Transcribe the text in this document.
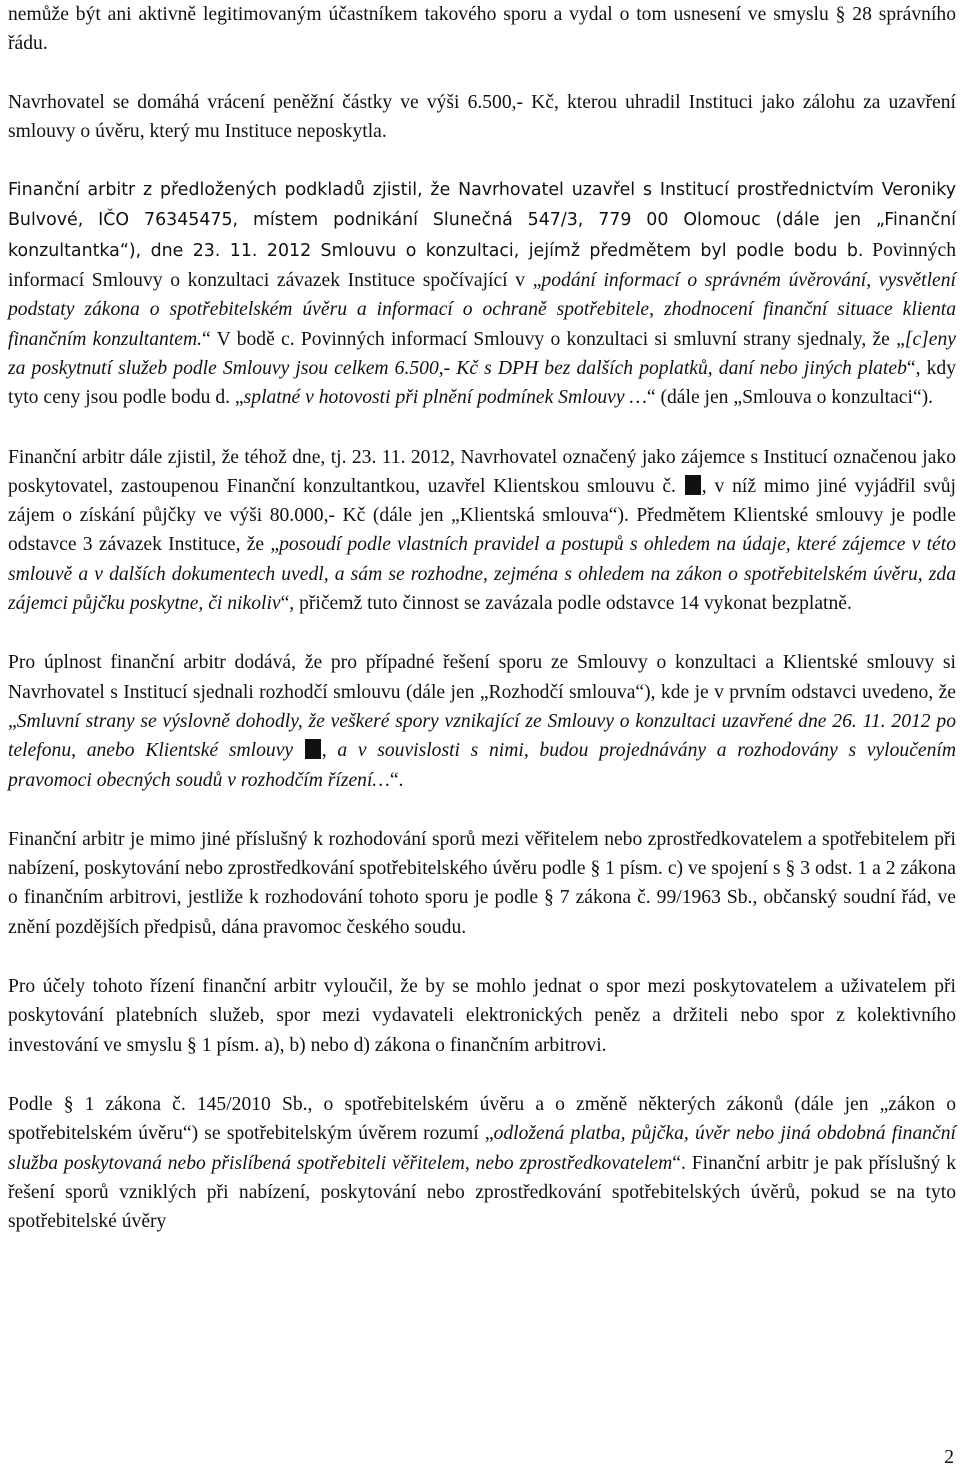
nemůže být ani aktivně legitimovaným účastníkem takového sporu a vydal o tom usnesení ve smyslu § 28 správního řádu.

Navrhovatel se domáhá vrácení peněžní částky ve výši 6.500,- Kč, kterou uhradil Instituci jako zálohu za uzavření smlouvy o úvěru, který mu Instituce neposkytla.

Finanční arbitr z předložených podkladů zjistil, že Navrhovatel uzavřel s Institucí prostřednictvím Veroniky Bulvové, IČO 76345475, místem podnikání Slunečná 547/3, 779 00 Olomouc (dále jen „Finanční konzultantka“), dne 23. 11. 2012 Smlouvu o konzultaci, jejímž předmětem byl podle bodu b. Povinných informací Smlouvy o konzultaci závazek Instituce spočívající v „podání informací o správném úvěrování, vysvětlení podstaty zákona o spotřebitelském úvěru a informací o ochraně spotřebitele, zhodnocení finanční situace klienta finančním konzultantem.“ V bodě c. Povinných informací Smlouvy o konzultaci si smluvní strany sjednaly, že „[c]eny za poskytnutí služeb podle Smlouvy jsou celkem 6.500,- Kč s DPH bez dalších poplatků, daní nebo jiných plateb“, kdy tyto ceny jsou podle bodu d. „splatné v hotovosti při plnění podmínek Smlouvy …“ (dále jen „Smlouva o konzultaci“).

Finanční arbitr dále zjistil, že téhož dne, tj. 23. 11. 2012, Navrhovatel označený jako zájemce s Institucí označenou jako poskytovatel, zastoupenou Finanční konzultantkou, uzavřel Klientskou smlouvu č. , v níž mimo jiné vyjádřil svůj zájem o získání půjčky ve výši 80.000,- Kč (dále jen „Klientská smlouva“). Předmětem Klientské smlouvy je podle odstavce 3 závazek Instituce, že „posoudí podle vlastních pravidel a postupů s ohledem na údaje, které zájemce v této smlouvě a v dalších dokumentech uvedl, a sám se rozhodne, zejména s ohledem na zákon o spotřebitelském úvěru, zda zájemci půjčku poskytne, či nikoliv“, přičemž tuto činnost se zavázala podle odstavce 14 vykonat bezplatně.

Pro úplnost finanční arbitr dodává, že pro případné řešení sporu ze Smlouvy o konzultaci a Klientské smlouvy si Navrhovatel s Institucí sjednali rozhodčí smlouvu (dále jen „Rozhodčí smlouva“), kde je v prvním odstavci uvedeno, že „Smluvní strany se výslovně dohodly, že veškeré spory vznikající ze Smlouvy o konzultaci uzavřené dne 26. 11. 2012 po telefonu, anebo Klientské smlouvy , a v souvislosti s nimi, budou projednávány a rozhodovány s vyloučením pravomoci obecných soudů v rozhodčím řízení…“.

Finanční arbitr je mimo jiné příslušný k rozhodování sporů mezi věřitelem nebo zprostředkovatelem a spotřebitelem při nabízení, poskytování nebo zprostředkování spotřebitelského úvěru podle § 1 písm. c) ve spojení s § 3 odst. 1 a 2 zákona o finančním arbitrovi, jestliže k rozhodování tohoto sporu je podle § 7 zákona č. 99/1963 Sb., občanský soudní řád, ve znění pozdějších předpisů, dána pravomoc českého soudu.

Pro účely tohoto řízení finanční arbitr vyloučil, že by se mohlo jednat o spor mezi poskytovatelem a uživatelem při poskytování platebních služeb, spor mezi vydavateli elektronických peněz a držiteli nebo spor z kolektivního investování ve smyslu § 1 písm. a), b) nebo d) zákona o finančním arbitrovi.

Podle § 1 zákona č. 145/2010 Sb., o spotřebitelském úvěru a o změně některých zákonů (dále jen „zákon o spotřebitelském úvěru“) se spotřebitelským úvěrem rozumí „odložená platba, půjčka, úvěr nebo jiná obdobná finanční služba poskytovaná nebo přislíbená spotřebiteli věřitelem, nebo zprostředkovatelem“. Finanční arbitr je pak příslušný k řešení sporů vzniklých při nabízení, poskytování nebo zprostředkování spotřebitelských úvěrů, pokud se na tyto spotřebitelské úvěry

2
